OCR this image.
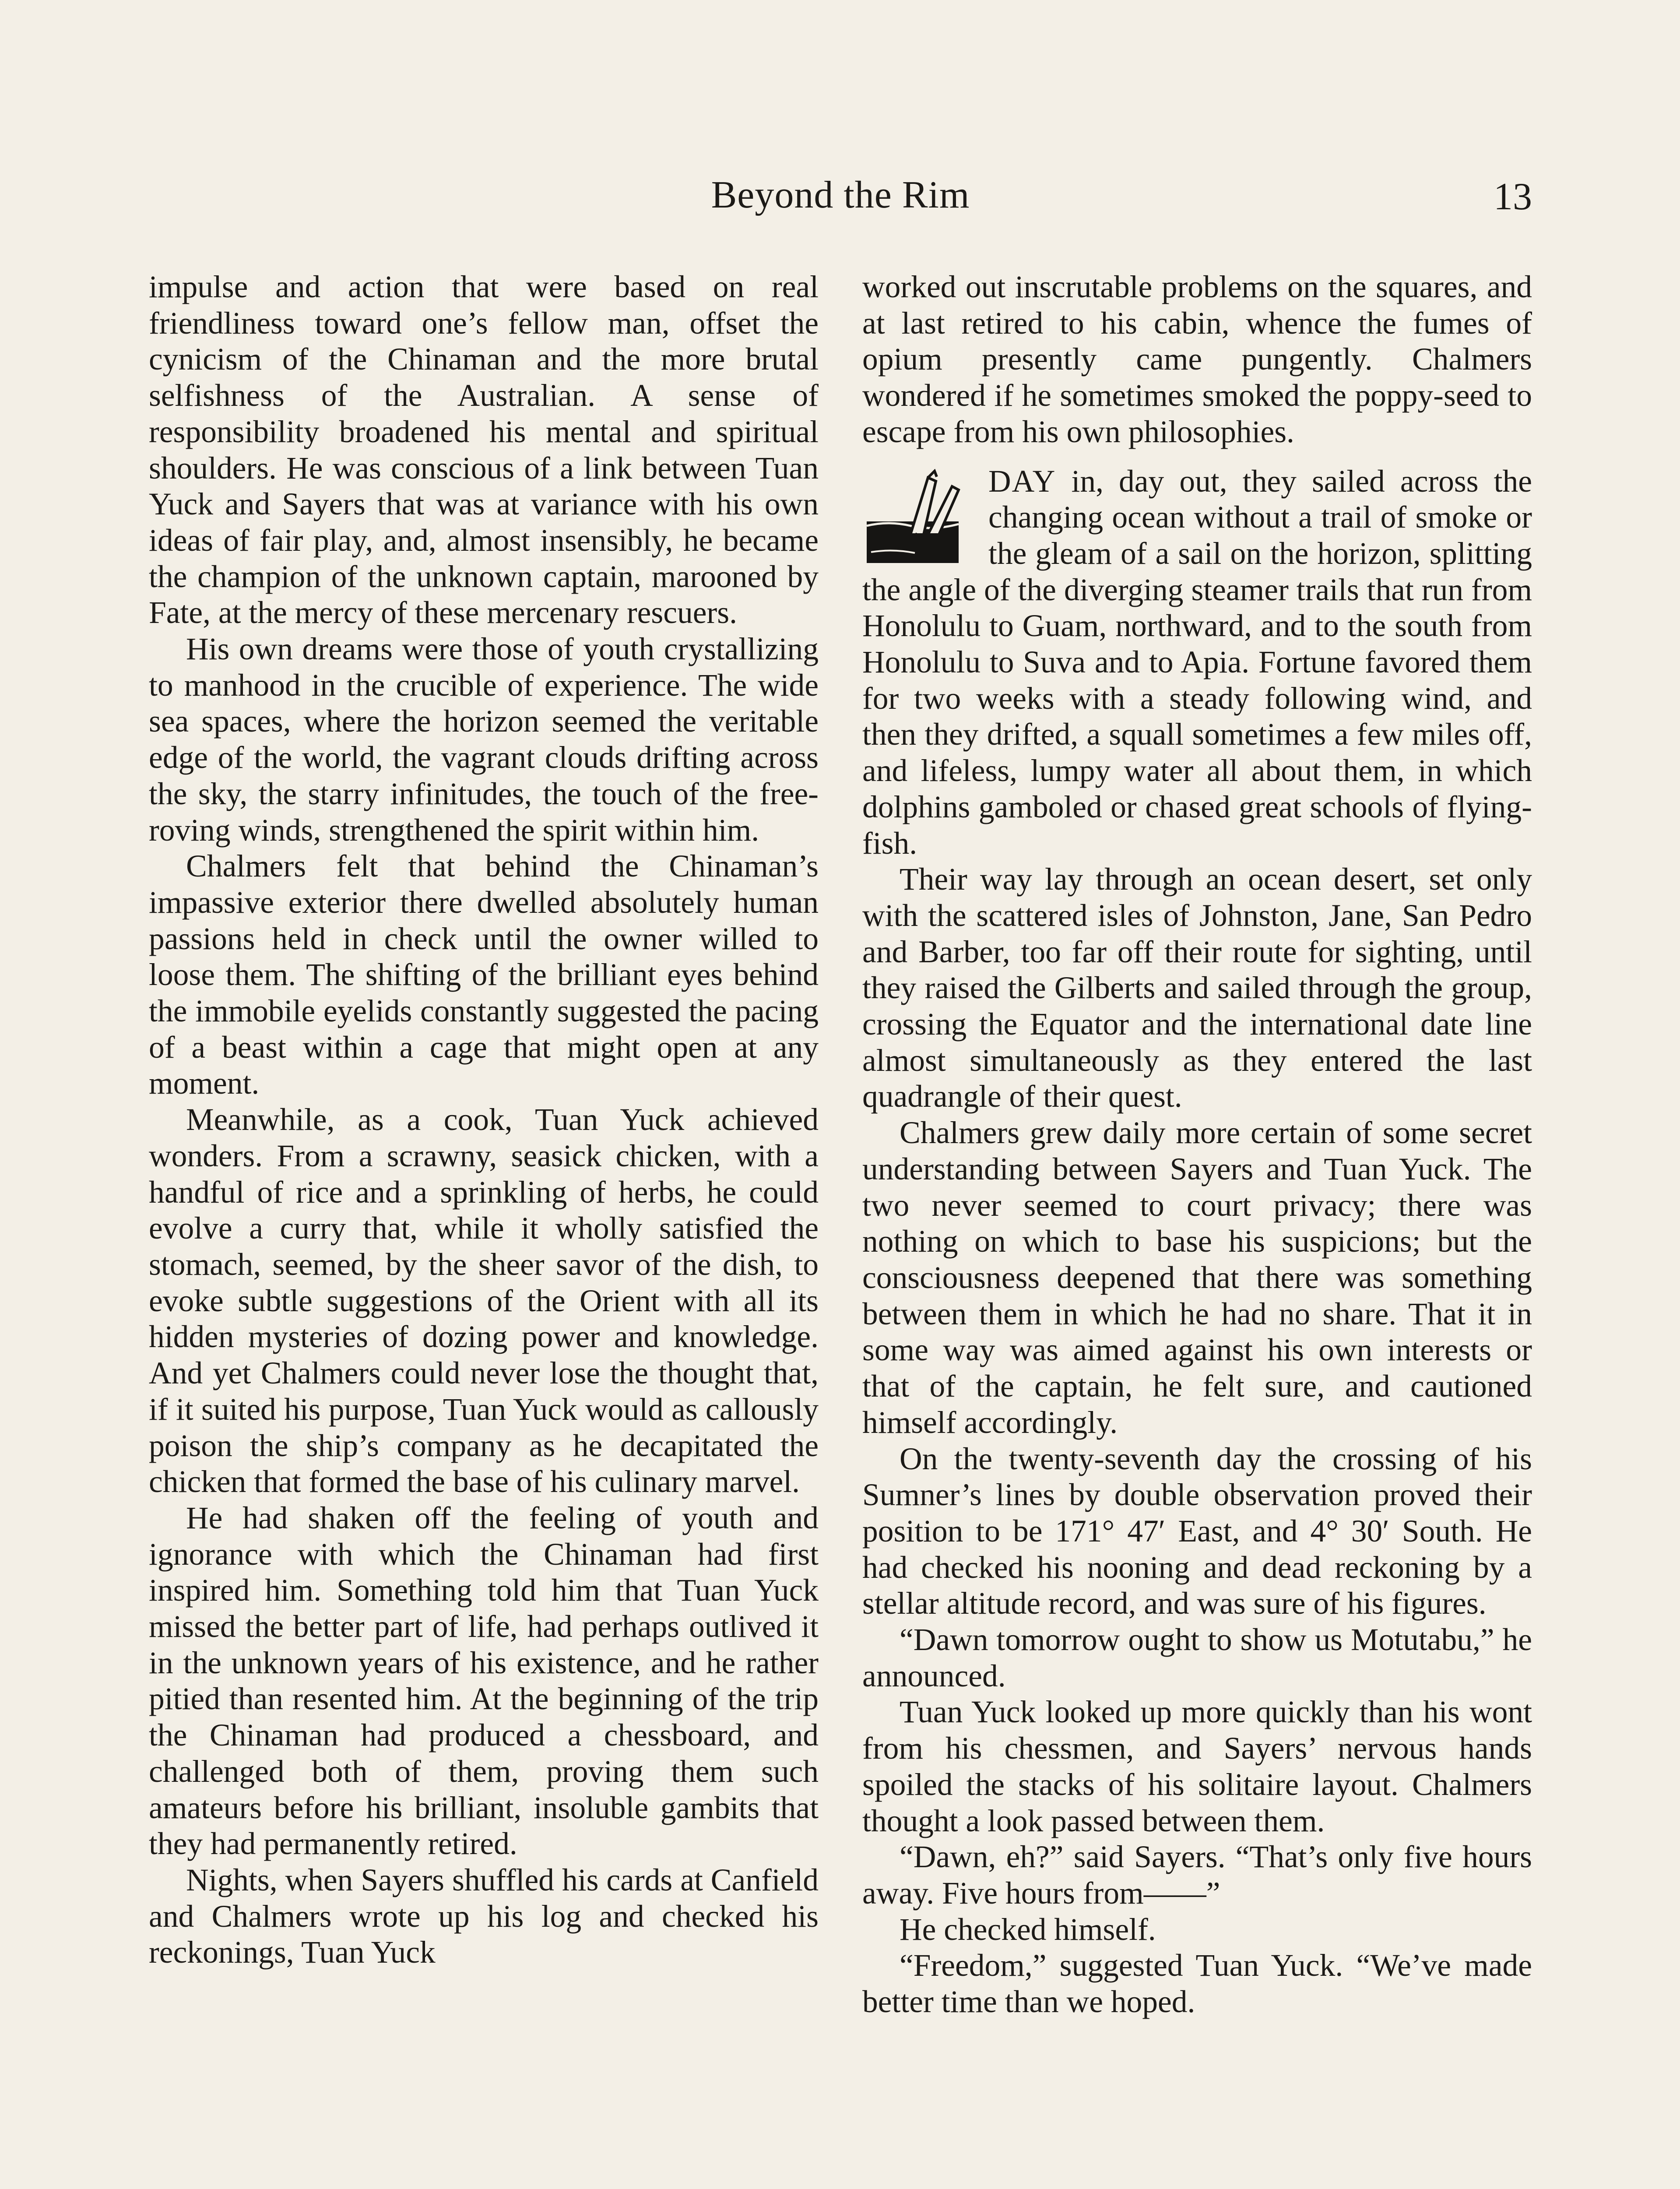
Beyond the Rim	13

impulse and action that were based on real friendliness toward one’s fellow man, offset the cynicism of the Chinaman and the more brutal selfishness of the Australian. A sense of responsibility broadened his mental and spiritual shoulders. He was conscious of a link between Tuan Yuck and Sayers that was at variance with his own ideas of fair play, and, almost insensibly, he became the champion of the unknown captain, marooned by Fate, at the mercy of these mercenary rescuers.

His own dreams were those of youth crystallizing to manhood in the crucible of experience. The wide sea spaces, where the horizon seemed the veritable edge of the world, the vagrant clouds drifting across the sky, the starry infinitudes, the touch of the free-roving winds, strengthened the spirit within him.

Chalmers felt that behind the Chinaman’s impassive exterior there dwelled absolutely human passions held in check until the owner willed to loose them. The shifting of the brilliant eyes behind the immobile eyelids constantly suggested the pacing of a beast within a cage that might open at any moment.

Meanwhile, as a cook, Tuan Yuck achieved wonders. From a scrawny, seasick chicken, with a handful of rice and a sprinkling of herbs, he could evolve a curry that, while it wholly satisfied the stomach, seemed, by the sheer savor of the dish, to evoke subtle suggestions of the Orient with all its hidden mysteries of dozing power and knowledge. And yet Chalmers could never lose the thought that, if it suited his purpose, Tuan Yuck would as callously poison the ship’s company as he decapitated the chicken that formed the base of his culinary marvel.

He had shaken off the feeling of youth and ignorance with which the Chinaman had first inspired him. Something told him that Tuan Yuck missed the better part of life, had perhaps outlived it in the unknown years of his existence, and he rather pitied than resented him. At the beginning of the trip the Chinaman had produced a chessboard, and challenged both of them, proving them such amateurs before his brilliant, insoluble gambits that they had permanently retired.

Nights, when Sayers shuffled his cards at Canfield and Chalmers wrote up his log and checked his reckonings, Tuan Yuck

worked out inscrutable problems on the squares, and at last retired to his cabin, whence the fumes of opium presently came pungently. Chalmers wondered if he sometimes smoked the poppy-seed to escape from his own philosophies.

DAY in, day out, they sailed across the changing ocean without a trail of smoke or the gleam of a sail on the horizon, splitting the angle of the diverging steamer trails that run from Honolulu to Guam, northward, and to the south from Honolulu to Suva and to Apia. Fortune favored them for two weeks with a steady following wind, and then they drifted, a squall sometimes a few miles off, and lifeless, lumpy water all about them, in which dolphins gamboled or chased great schools of flying-fish.

Their way lay through an ocean desert, set only with the scattered isles of Johnston, Jane, San Pedro and Barber, too far off their route for sighting, until they raised the Gilberts and sailed through the group, crossing the Equator and the international date line almost simultaneously as they entered the last quadrangle of their quest.

Chalmers grew daily more certain of some secret understanding between Sayers and Tuan Yuck. The two never seemed to court privacy; there was nothing on which to base his suspicions; but the consciousness deepened that there was something between them in which he had no share. That it in some way was aimed against his own interests or that of the captain, he felt sure, and cautioned himself accordingly.

On the twenty-seventh day the crossing of his Sumner’s lines by double observation proved their position to be 171° 47′ East, and 4° 30′ South. He had checked his nooning and dead reckoning by a stellar altitude record, and was sure of his figures.

“Dawn tomorrow ought to show us Motutabu,” he announced.

Tuan Yuck looked up more quickly than his wont from his chessmen, and Sayers’ nervous hands spoiled the stacks of his solitaire layout. Chalmers thought a look passed between them.

“Dawn, eh?” said Sayers. “That’s only five hours away. Five hours from——”

He checked himself.

“Freedom,” suggested Tuan Yuck. “We’ve made better time than we hoped.
